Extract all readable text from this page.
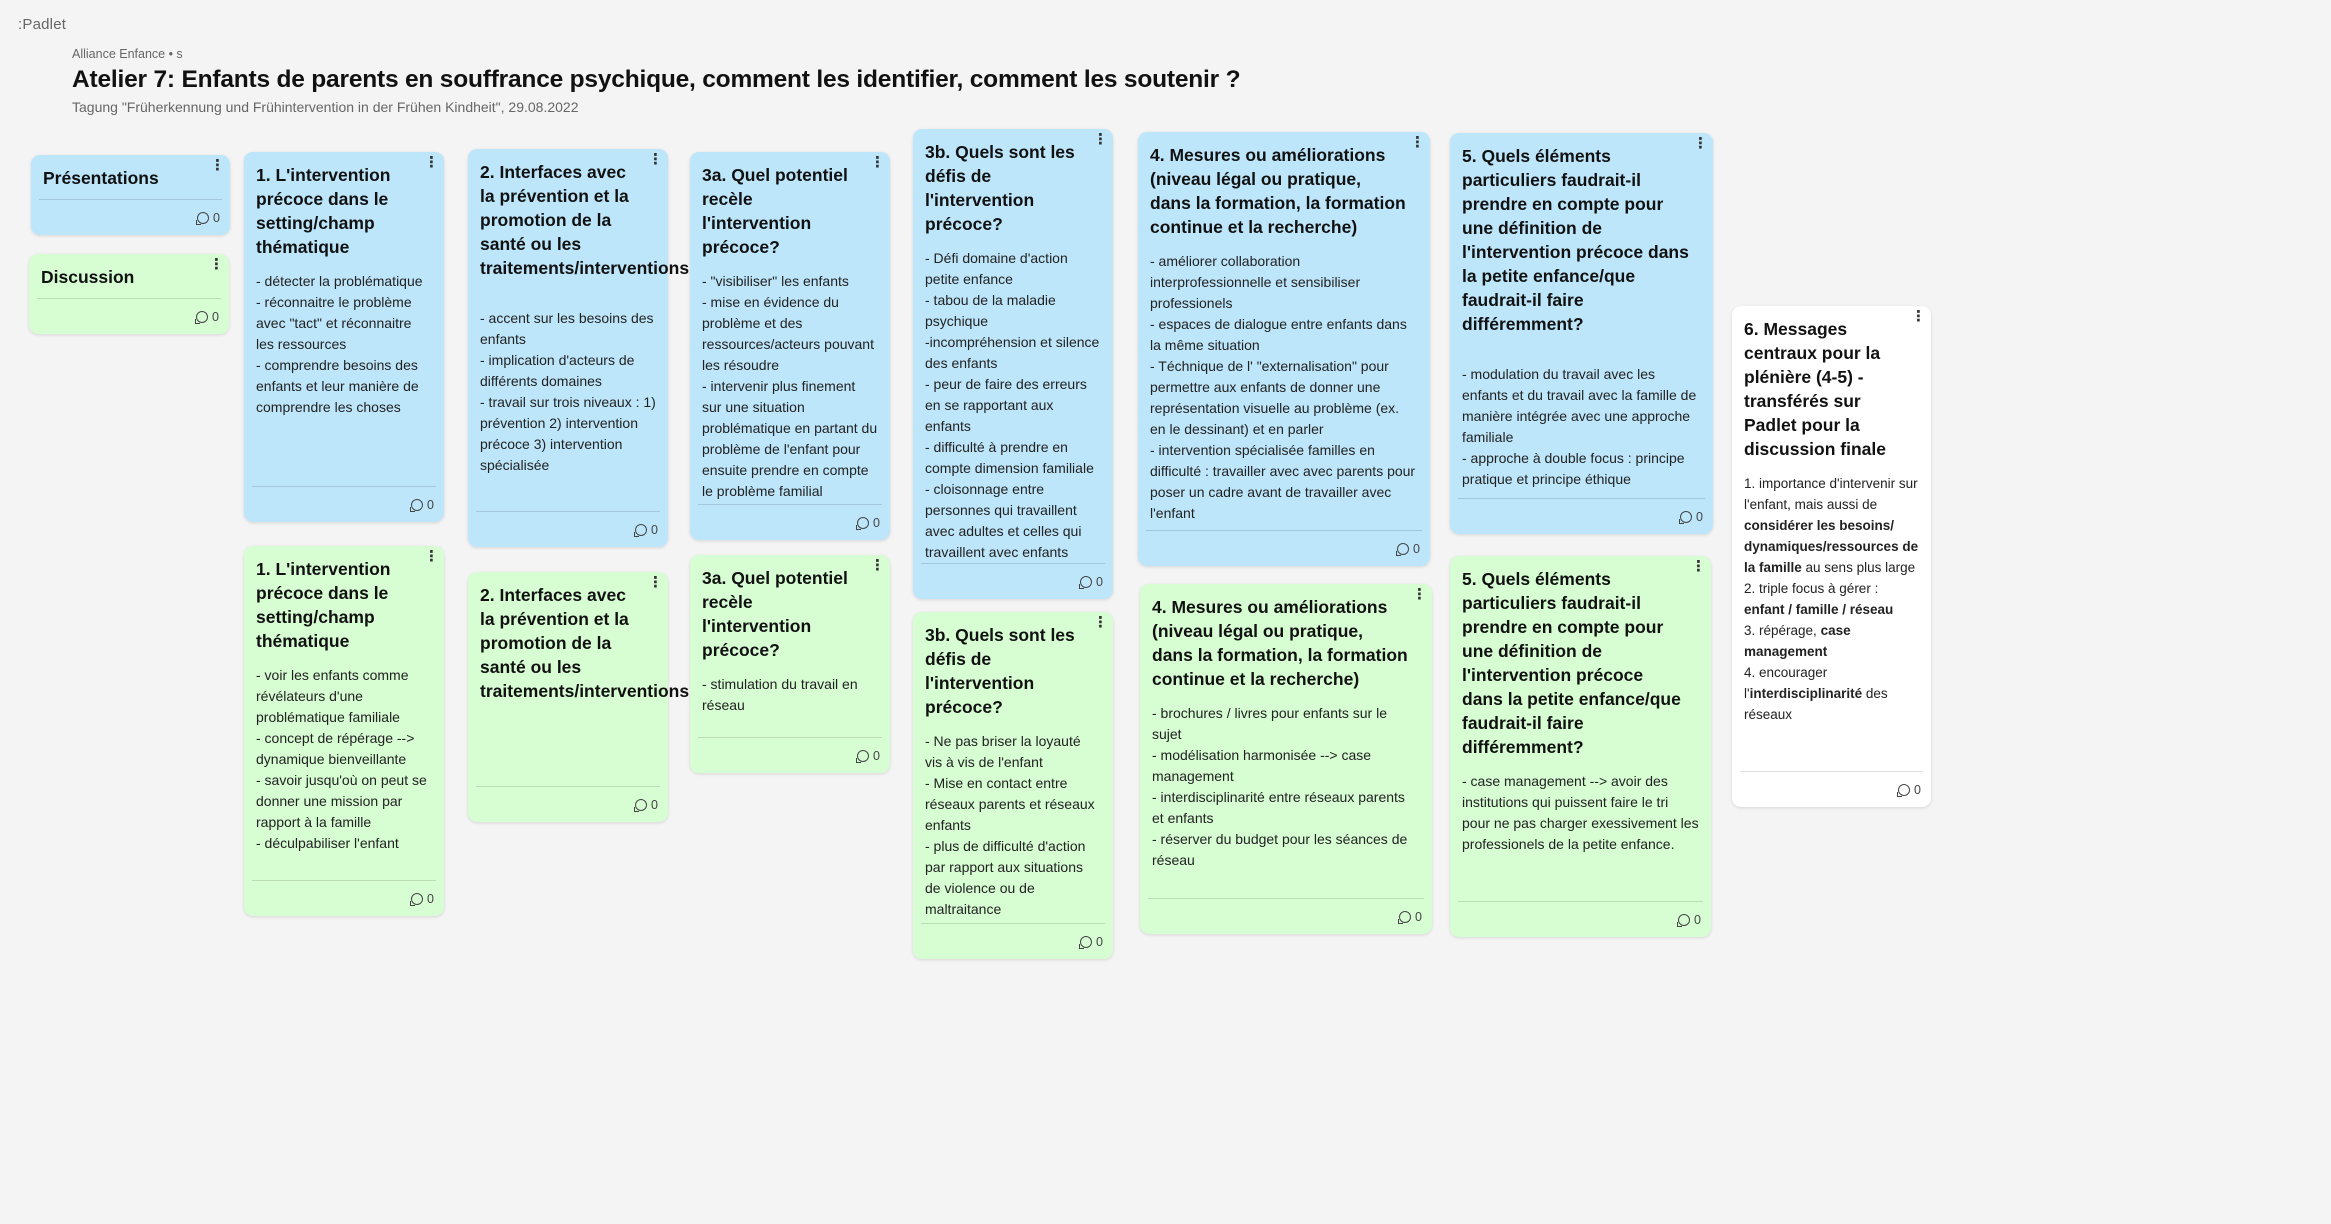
:Padlet
Alliance Enfance • s
Atelier 7: Enfants de parents en souffrance psychique, comment les identifier, comment les soutenir ?
Tagung "Früherkennung und Frühintervention in der Frühen Kindheit", 29.08.2022
Présentations
⋮
0
Discussion
⋮
0
1. L'intervention précoce dans le setting/champ thématique
⋮

- détecter la problématique

- réconnaitre le problème avec "tact" et réconnaitre les ressources

- comprendre besoins des enfants et leur manière de comprendre les choses

0
1. L'intervention précoce dans le setting/champ thématique
⋮

- voir les enfants comme révélateurs d'une problématique familiale

- concept de répérage --> dynamique bienveillante

- savoir jusqu'où on peut se donner une mission par rapport à la famille

- déculpabiliser l'enfant

0
2. Interfaces avec la prévention et la promotion de la santé ou les traitements/interventions
⋮

- accent sur les besoins des enfants

- implication d'acteurs de différents domaines

- travail sur trois niveaux : 1) prévention 2) intervention précoce 3) intervention spécialisée

0
2. Interfaces avec la prévention et la promotion de la santé ou les traitements/interventions
⋮
0
3a. Quel potentiel recèle l'intervention précoce?
⋮

- "visibiliser" les enfants

- mise en évidence du problème et des ressources/acteurs pouvant les résoudre

- intervenir plus finement sur une situation problématique en partant du problème de l'enfant pour ensuite prendre en compte le problème familial

0
3a. Quel potentiel recèle l'intervention précoce?
⋮

- stimulation du travail en réseau

0
3b. Quels sont les défis de l'intervention précoce?
⋮

- Défi domaine d'action petite enfance

- tabou de la maladie psychique

-incompréhension et silence des enfants

- peur de faire des erreurs en se rapportant aux enfants

- difficulté à prendre en compte dimension familiale

- cloisonnage entre personnes qui travaillent avec adultes et celles qui travaillent avec enfants

0
3b. Quels sont les défis de l'intervention précoce?
⋮

- Ne pas briser la loyauté vis à vis de l'enfant

- Mise en contact entre réseaux parents et réseaux enfants

- plus de difficulté d'action par rapport aux situations de violence ou de maltraitance

0
4. Mesures ou améliorations (niveau légal ou pratique, dans la formation, la formation continue et la recherche)
⋮

- améliorer collaboration interprofessionnelle et sensibiliser professionels

- espaces de dialogue entre enfants dans la même situation

- Téchnique de l' "externalisation" pour permettre aux enfants de donner une représentation visuelle au problème (ex. en le dessinant) et en parler

- intervention spécialisée familles en difficulté : travailler avec avec parents pour poser un cadre avant de travailler avec l'enfant

0
4. Mesures ou améliorations (niveau légal ou pratique, dans la formation, la formation continue et la recherche)
⋮

- brochures / livres pour enfants sur le sujet

- modélisation harmonisée --> case management

- interdisciplinarité entre réseaux parents et enfants

- réserver du budget pour les séances de réseau

0
5. Quels éléments particuliers faudrait-il prendre en compte pour une définition de l'intervention précoce dans la petite enfance/que faudrait-il faire différemment?
⋮

- modulation du travail avec les enfants et du travail avec la famille de manière intégrée avec une approche familiale

- approche à double focus : principe pratique et principe éthique

0
5. Quels éléments particuliers faudrait-il prendre en compte pour une définition de l'intervention précoce dans la petite enfance/que faudrait-il faire différemment?
⋮

- case management --> avoir des institutions qui puissent faire le tri pour ne pas charger exessivement les professionels de la petite enfance.

0
6. Messages centraux pour la plénière (4-5) - transférés sur Padlet pour la discussion finale
⋮

1. importance d'intervenir sur l'enfant, mais aussi de considérer les besoins/ dynamiques/ressources de la famille au sens plus large

2. triple focus à gérer : enfant / famille / réseau

3. répérage, case management

4. encourager l'interdisciplinarité des réseaux

0
